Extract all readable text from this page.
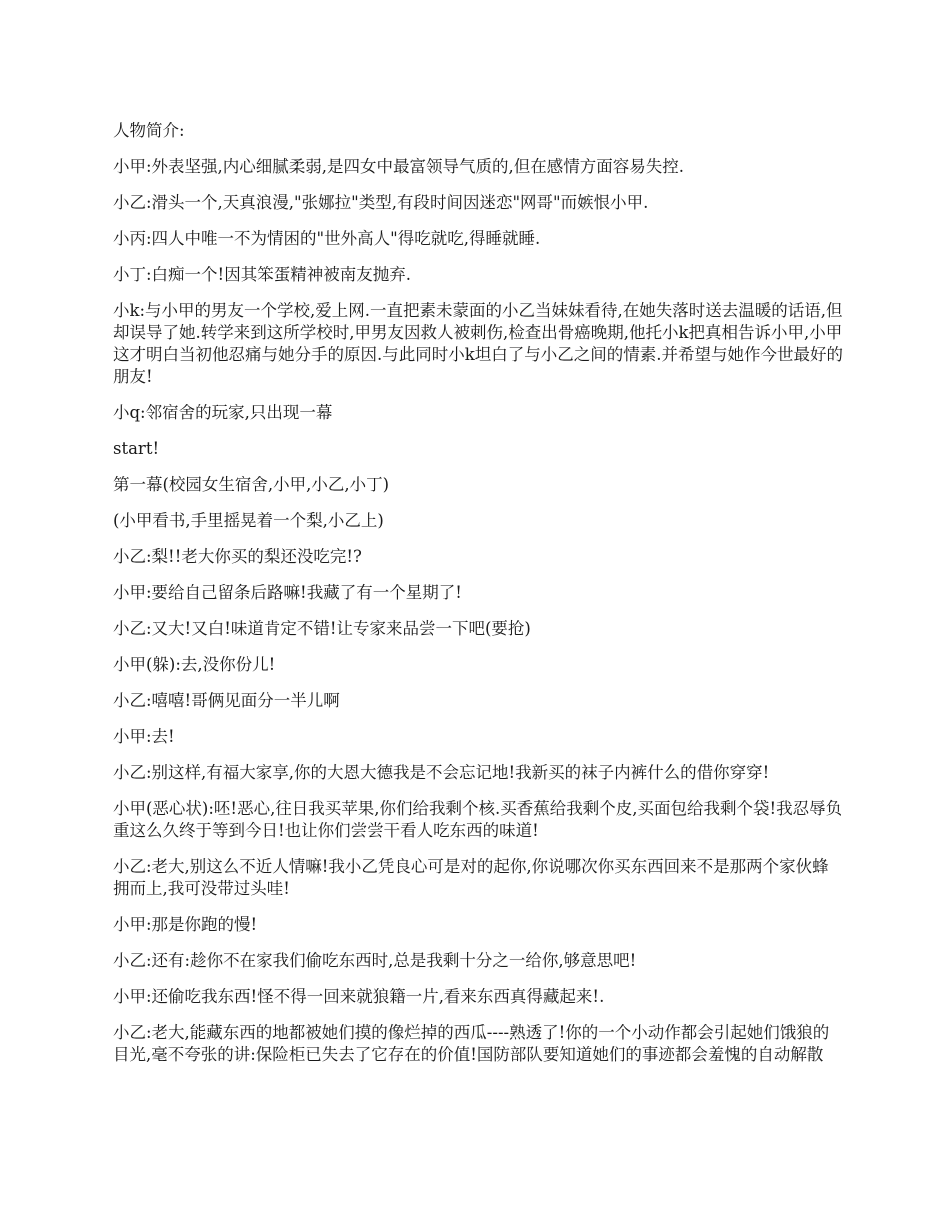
人物简介:

小甲:外表坚强,内心细腻柔弱,是四女中最富领导气质的,但在感情方面容易失控.

小乙:滑头一个,天真浪漫,"张娜拉"类型,有段时间因迷恋"网哥"而嫉恨小甲.

小丙:四人中唯一不为情困的"世外高人"得吃就吃,得睡就睡.

小丁:白痴一个!因其笨蛋精神被南友抛弃.

小k:与小甲的男友一个学校,爱上网.一直把素未蒙面的小乙当妹妹看待,在她失落时送去温暖的话语,但却误导了她.转学来到这所学校时,甲男友因救人被刺伤,检查出骨癌晚期,他托小k把真相告诉小甲,小甲这才明白当初他忍痛与她分手的原因.与此同时小k坦白了与小乙之间的情素.并希望与她作今世最好的朋友!

小q:邻宿舍的玩家,只出现一幕

start!

第一幕(校园女生宿舍,小甲,小乙,小丁)

(小甲看书,手里摇晃着一个梨,小乙上)

小乙:梨!!老大你买的梨还没吃完!?

小甲:要给自己留条后路嘛!我藏了有一个星期了!

小乙:又大!又白!味道肯定不错!让专家来品尝一下吧(要抢)

小甲(躲):去,没你份儿!

小乙:嘻嘻!哥俩见面分一半儿啊

小甲:去!

小乙:别这样,有福大家享,你的大恩大德我是不会忘记地!我新买的袜子内裤什么的借你穿穿!

小甲(恶心状):呸!恶心,往日我买苹果,你们给我剩个核.买香蕉给我剩个皮,买面包给我剩个袋!我忍辱负重这么久终于等到今日!也让你们尝尝干看人吃东西的味道!

小乙:老大,别这么不近人情嘛!我小乙凭良心可是对的起你,你说哪次你买东西回来不是那两个家伙蜂拥而上,我可没带过头哇!

小甲:那是你跑的慢!

小乙:还有:趁你不在家我们偷吃东西时,总是我剩十分之一给你,够意思吧!

小甲:还偷吃我东西!怪不得一回来就狼籍一片,看来东西真得藏起来!.

小乙:老大,能藏东西的地都被她们摸的像烂掉的西瓜----熟透了!你的一个小动作都会引起她们饿狼的目光,毫不夸张的讲:保险柜已失去了它存在的价值!国防部队要知道她们的事迹都会羞愧的自动解散
